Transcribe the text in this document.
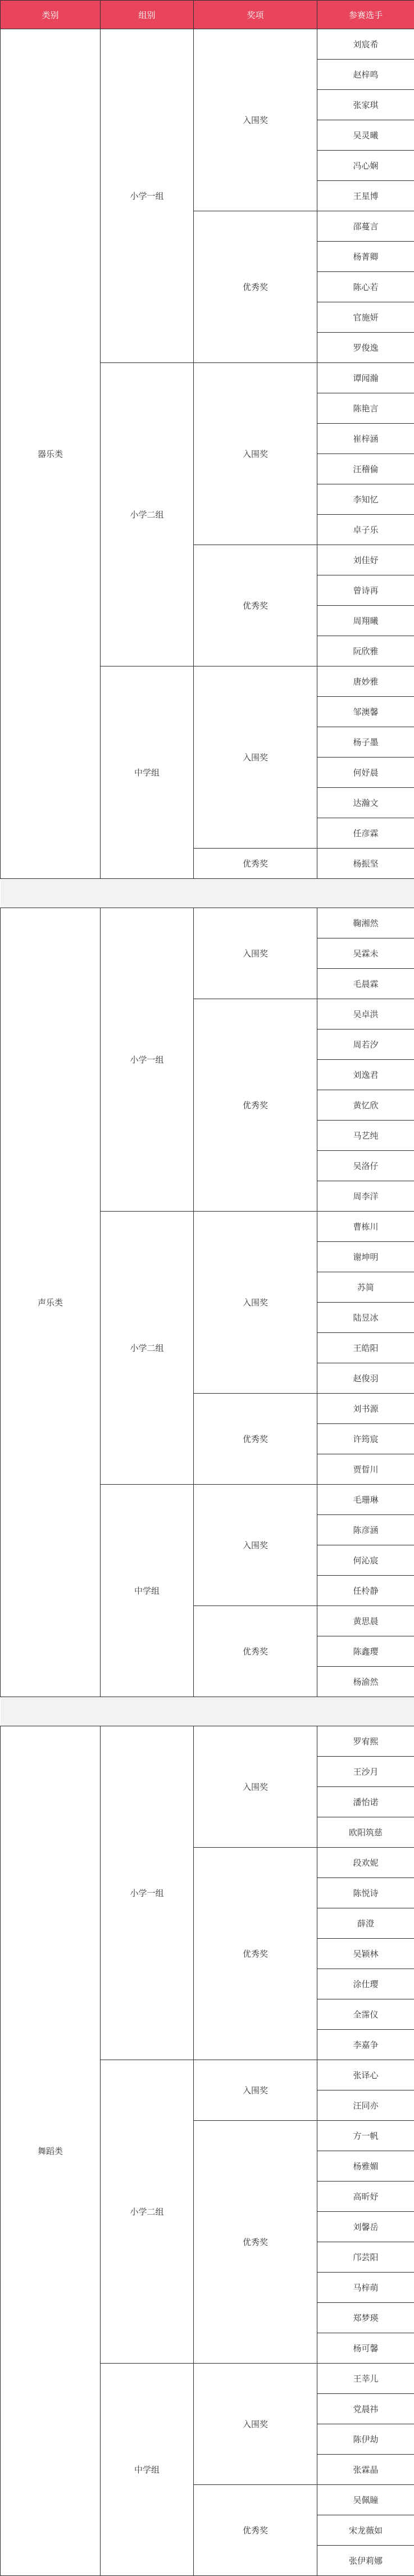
类别	组别	奖项	参赛选手
器乐类	小学一组	入围奖	刘宸希
			赵梓鸣
			张家琪
			吴灵曦
			冯心娴
			王星博
		优秀奖	邵蔓言
			杨菁卿
			陈心若
			官施妍
			罗俊逸
	小学二组	入围奖	谭闻瀚
			陈艳言
			崔梓涵
			汪稽倫
			李知忆
			卓子乐
		优秀奖	刘佳妤
			曾诗再
			周翔曦
			阮欣雅
	中学组	入围奖	唐妙雅
			邹澳馨
			杨子墨
			何妤晨
			达瀚文
			任彦霖
		优秀奖	杨振坚

声乐类	小学一组	入围奖	鞠湘然
			吴霖未
			毛晨霖
		优秀奖	吴卓洪
			周若汐
			刘逸君
			黄忆欣
			马艺纯
			吴洛仔
			周李洋
	小学二组	入围奖	曹栋川
			谢坤明
			苏简
			陆昱冰
			王皓阳
			赵俊羽
		优秀奖	刘书源
			许筠宸
			贾晢川
	中学组	入围奖	毛珊琳
			陈彦涵
			何沁宸
			任柃静
		优秀奖	黄思晨
			陈鑫璎
			杨渝然

舞蹈类	小学一组	入围奖	罗宥熙
			王沙月
			潘怡诺
			欧阳筑慈
		优秀奖	段欢妮
			陈悦诗
			薛澄
			吴颖林
			涂仕璎
			全霈仪
			李嘉争
	小学二组	入围奖	张译心
			汪同亦
		优秀奖	方一帆
			杨雅媚
			高昕妤
			刘馨岳
			邝芸阳
			马梓萌
			郑梦瑛
			杨可馨
	中学组	入围奖	王莘儿
			党晨祎
			陈伊劫
			张霖晶
		优秀奖	吴佩瞳
			宋龙薇如
			张伊莉娜
